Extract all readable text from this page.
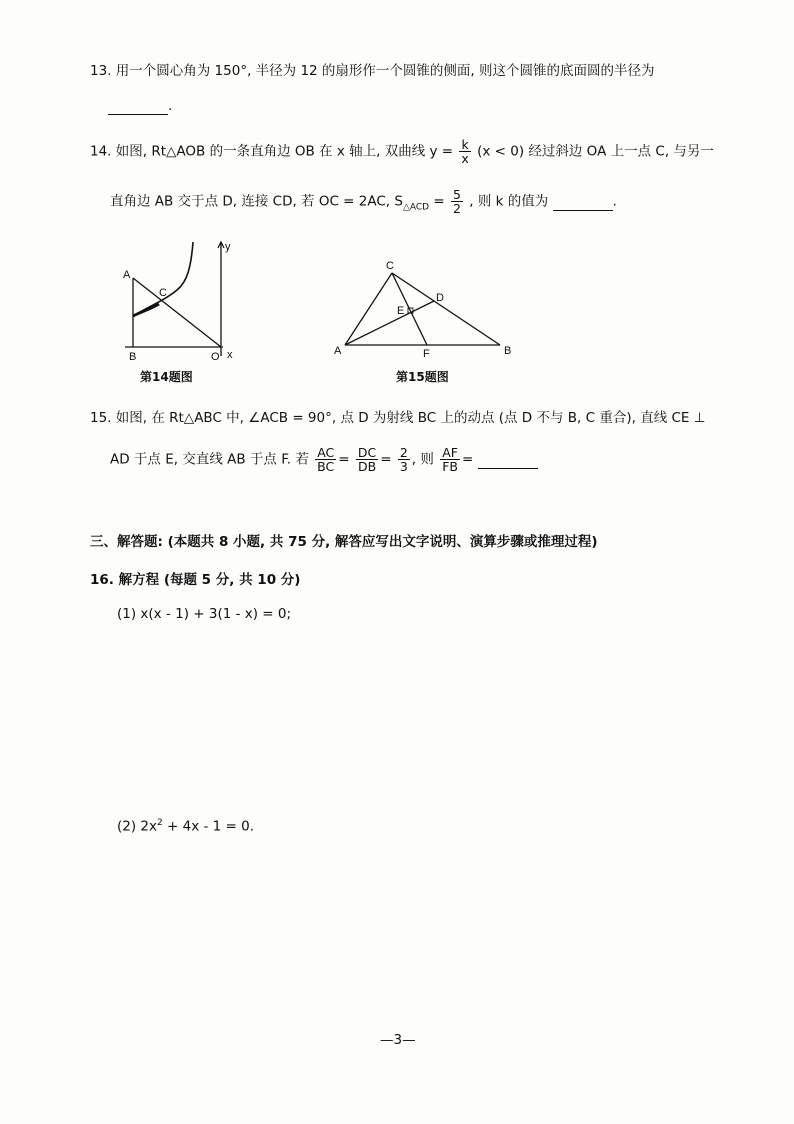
13. 用一个圆心角为 150°, 半径为 12 的扇形作一个圆锥的侧面, 则这个圆锥的底面圆的半径为
.
14. 如图, Rt△AOB 的一条直角边 OB 在 x 轴上, 双曲线 $y = \frac{k}{x} (x < 0)$ 经过斜边 OA 上一点 C, 与另一
直角边 AB 交于点 D, 连接 CD, 若 OC = 2AC, $S_{\triangle ACD} = \frac{5}{2}$ , 则 k 的值为	.
A
B
C
O x
y
第14题图
A	B
C
D
E
F
第15题图
15. 如图, 在 Rt△ABC 中, ∠ACB = 90°, 点 D 为射线 BC 上的动点 (点 D 不与 B, C 重合), 直线 CE ⊥
AD 于点 E, 交直线 AB 于点 F. 若 $\frac{AC}{BC} = \frac{DC}{DB} = \frac{2}{3}$ , 则 $\frac{AF}{FB}$ =
三、解答题: (本题共 8 小题, 共 75 分, 解答应写出文字说明、演算步骤或推理过程)
16. 解方程 (每题 5 分, 共 10 分)
(1) x(x - 1) + 3(1 - x) = 0;
(2) $2x^2 + 4x - 1 = 0$.
—3—
